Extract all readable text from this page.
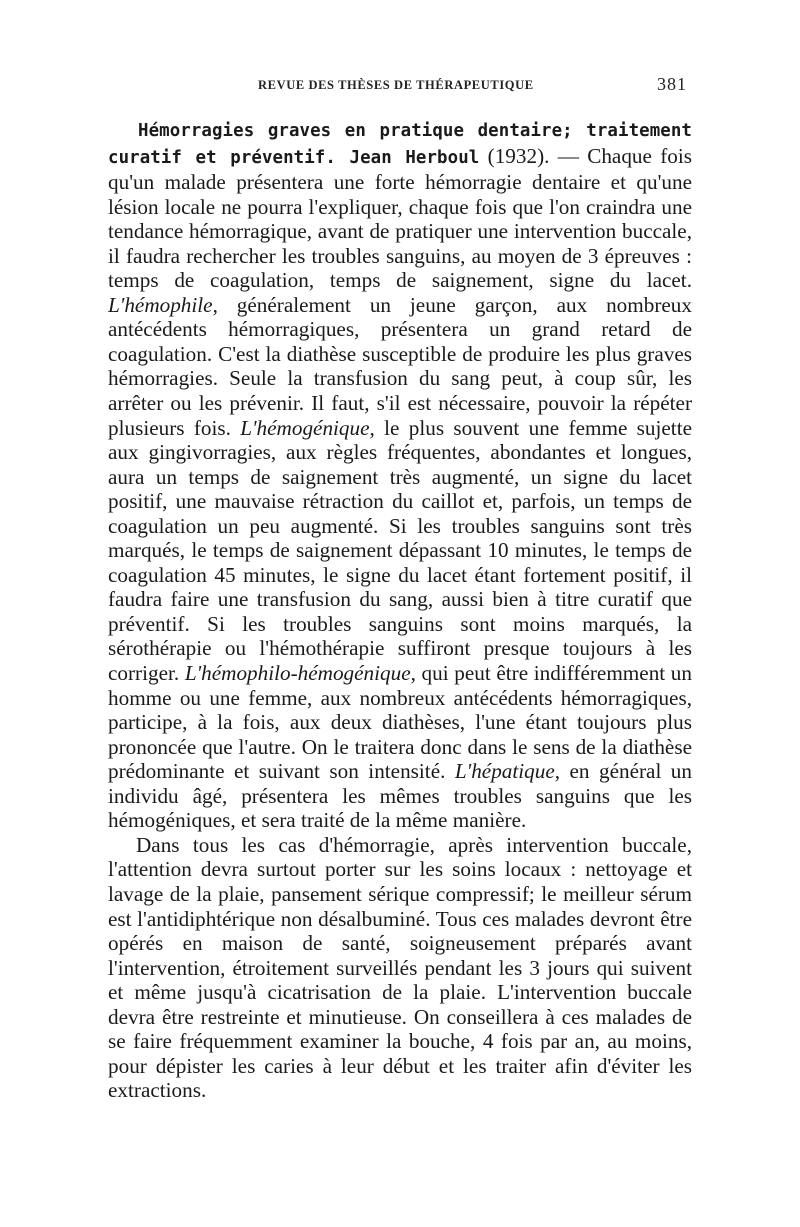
REVUE DES THÈSES DE THÉRAPEUTIQUE	381

Hémorragies graves en pratique dentaire; traitement curatif et préventif. Jean Herboul (1932). — Chaque fois qu'un malade présentera une forte hémorragie dentaire et qu'une lésion locale ne pourra l'expliquer, chaque fois que l'on craindra une tendance hémorragique, avant de pratiquer une intervention buccale, il faudra rechercher les troubles sanguins, au moyen de 3 épreuves : temps de coagulation, temps de saignement, signe du lacet. L'hémophile, généralement un jeune garçon, aux nombreux antécédents hémorragiques, présentera un grand retard de coagulation. C'est la diathèse susceptible de produire les plus graves hémorragies. Seule la transfusion du sang peut, à coup sûr, les arrêter ou les prévenir. Il faut, s'il est nécessaire, pouvoir la répéter plusieurs fois. L'hémogénique, le plus souvent une femme sujette aux gingivorragies, aux règles fréquentes, abondantes et longues, aura un temps de saignement très augmenté, un signe du lacet positif, une mauvaise rétraction du caillot et, parfois, un temps de coagulation un peu augmenté. Si les troubles sanguins sont très marqués, le temps de saignement dépassant 10 minutes, le temps de coagulation 45 minutes, le signe du lacet étant fortement positif, il faudra faire une transfusion du sang, aussi bien à titre curatif que préventif. Si les troubles sanguins sont moins marqués, la sérothérapie ou l'hémothérapie suffiront presque toujours à les corriger. L'hémophilo-hémogénique, qui peut être indifféremment un homme ou une femme, aux nombreux antécédents hémorragiques, participe, à la fois, aux deux diathèses, l'une étant toujours plus prononcée que l'autre. On le traitera donc dans le sens de la diathèse prédominante et suivant son intensité. L'hépatique, en général un individu âgé, présentera les mêmes troubles sanguins que les hémogéniques, et sera traité de la même manière.

Dans tous les cas d'hémorragie, après intervention buccale, l'attention devra surtout porter sur les soins locaux : nettoyage et lavage de la plaie, pansement sérique compressif; le meilleur sérum est l'antidiphtérique non désalbuminé. Tous ces malades devront être opérés en maison de santé, soigneusement préparés avant l'intervention, étroitement surveillés pendant les 3 jours qui suivent et même jusqu'à cicatrisation de la plaie. L'intervention buccale devra être restreinte et minutieuse. On conseillera à ces malades de se faire fréquemment examiner la bouche, 4 fois par an, au moins, pour dépister les caries à leur début et les traiter afin d'éviter les extractions.
